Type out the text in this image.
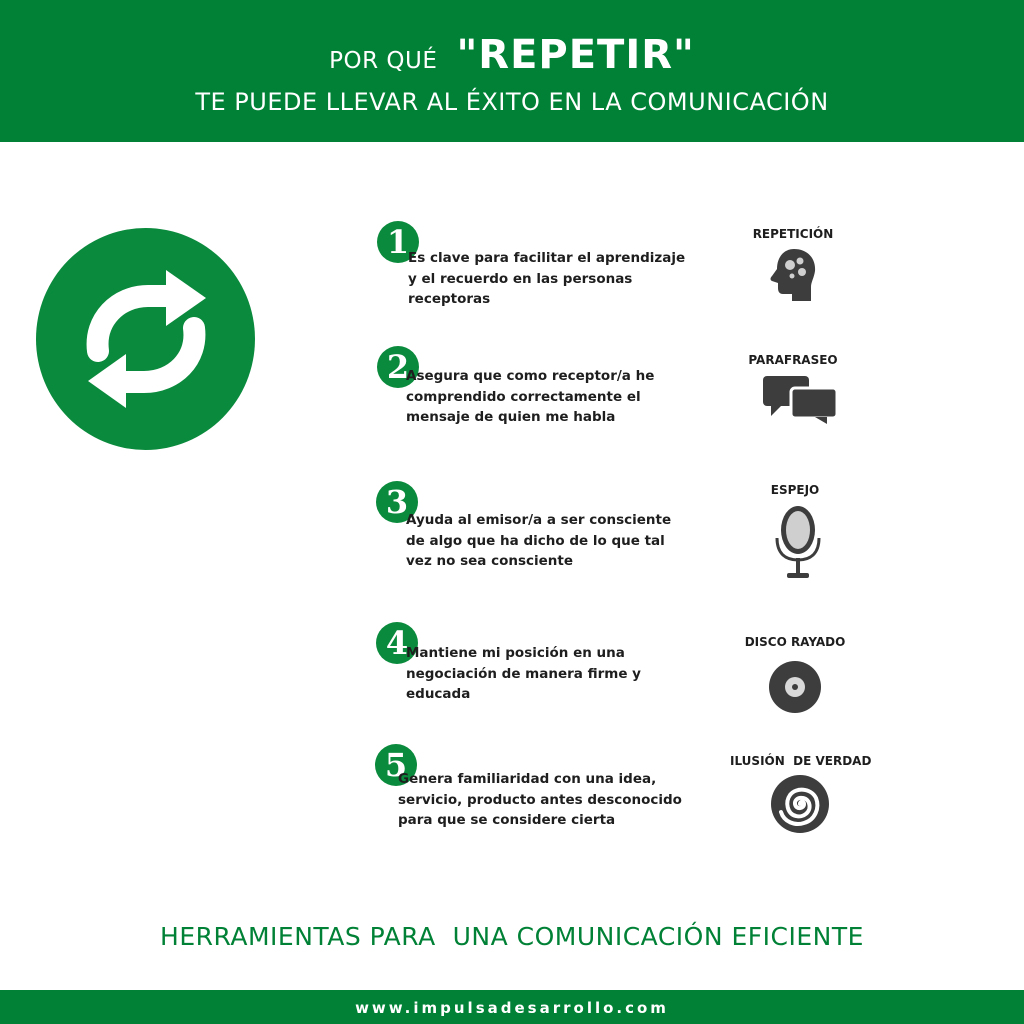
POR QUÉ "REPETIR"
TE PUEDE LLEVAR AL ÉXITO EN LA COMUNICACIÓN
1
Es clave para facilitar el aprendizaje y el recuerdo en las personas receptoras
REPETICIÓN
2
Asegura que como receptor/a he comprendido correctamente el mensaje de quien me habla
PARAFRASEO
3
Ayuda al emisor/a a ser consciente de algo que ha dicho de lo que tal vez no sea consciente
ESPEJO
4
Mantiene mi posición en una negociación de manera firme y educada
DISCO RAYADO
5
Genera familiaridad con una idea, servicio, producto antes desconocido para que se considere cierta
ILUSIÓN  DE VERDAD
HERRAMIENTAS PARA  UNA COMUNICACIÓN EFICIENTE
www.impulsadesarrollo.com
